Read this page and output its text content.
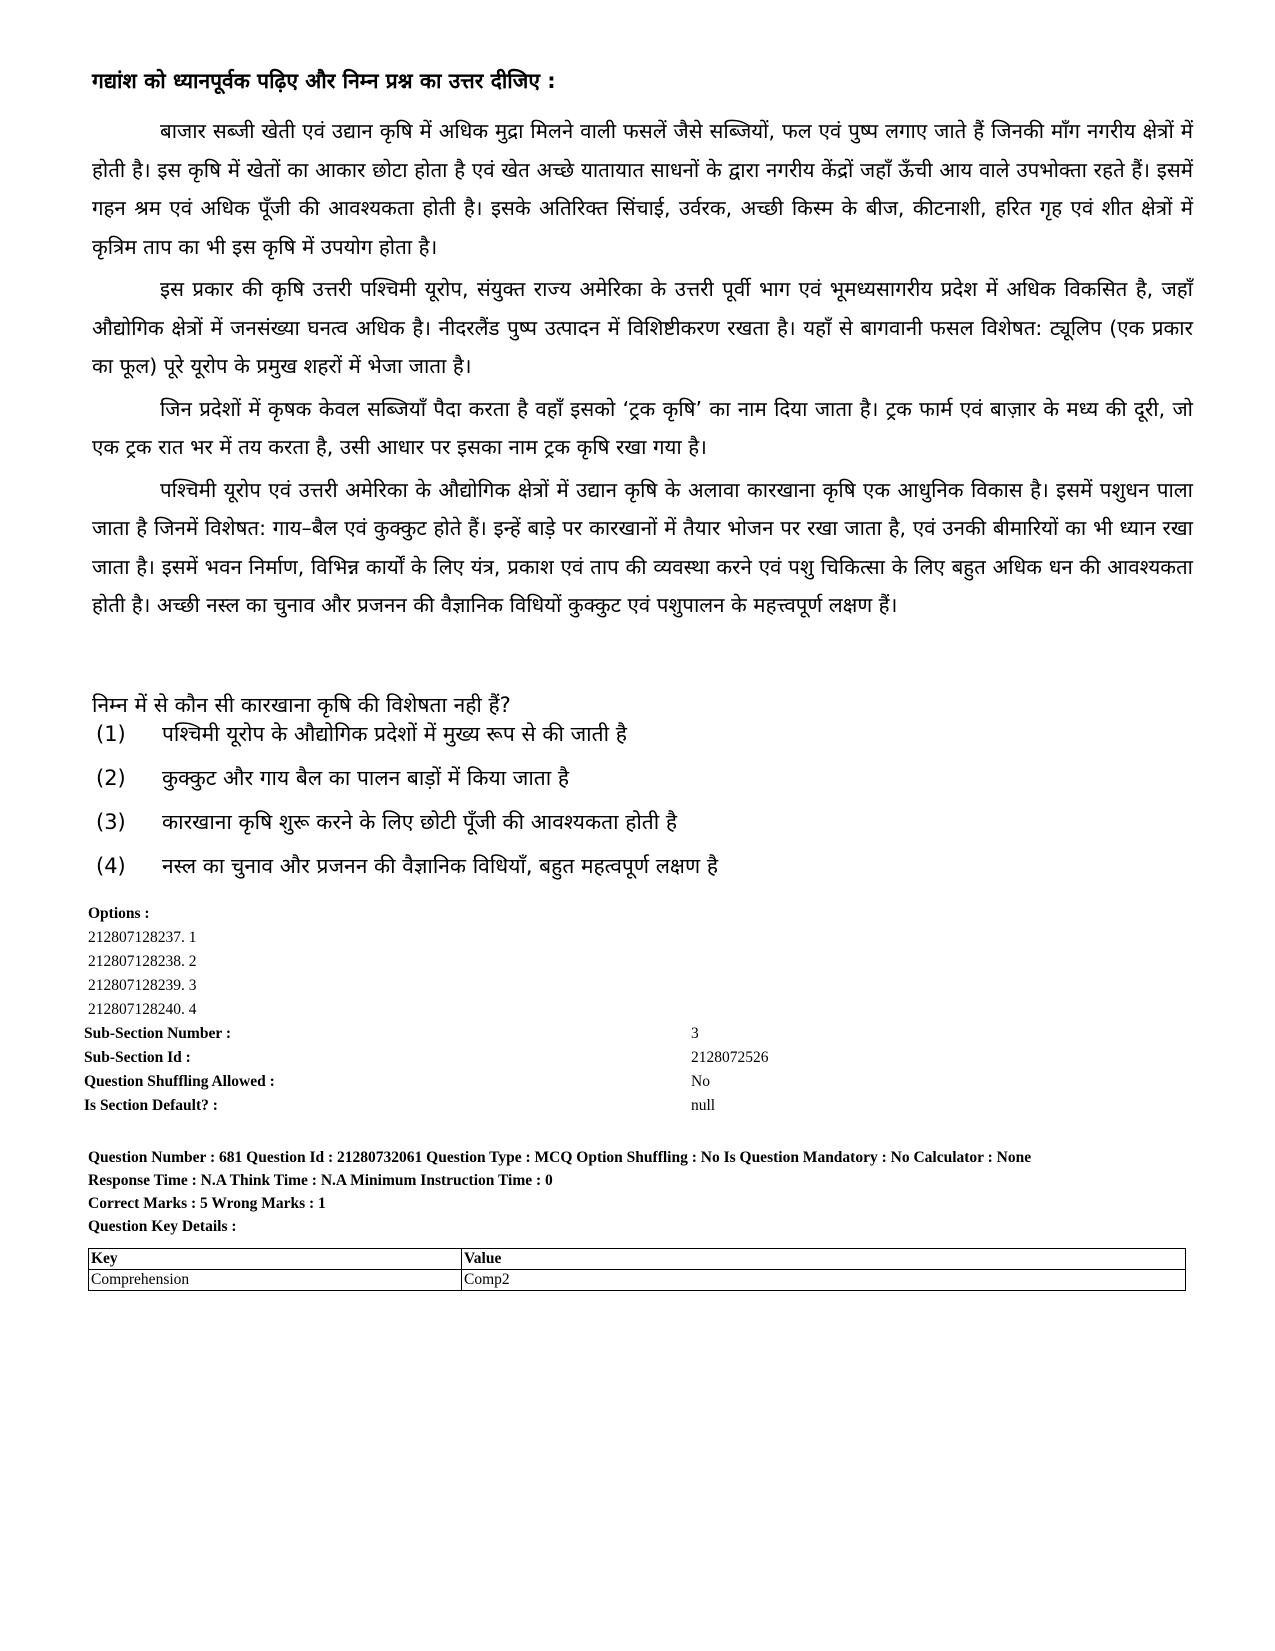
गद्यांश को ध्यानपूर्वक पढ़िए और निम्न प्रश्न का उत्तर दीजिए :

बाजार सब्जी खेती एवं उद्यान कृषि में अधिक मुद्रा मिलने वाली फसलें जैसे सब्जियों, फल एवं पुष्प लगाए जाते हैं जिनकी माँग नगरीय क्षेत्रों में होती है। इस कृषि में खेतों का आकार छोटा होता है एवं खेत अच्छे यातायात साधनों के द्वारा नगरीय केंद्रों जहाँ ऊँची आय वाले उपभोक्ता रहते हैं। इसमें गहन श्रम एवं अधिक पूँजी की आवश्यकता होती है। इसके अतिरिक्त सिंचाई, उर्वरक, अच्छी किस्म के बीज, कीटनाशी, हरित गृह एवं शीत क्षेत्रों में कृत्रिम ताप का भी इस कृषि में उपयोग होता है।

इस प्रकार की कृषि उत्तरी पश्चिमी यूरोप, संयुक्त राज्य अमेरिका के उत्तरी पूर्वी भाग एवं भूमध्यसागरीय प्रदेश में अधिक विकसित है, जहाँ औद्योगिक क्षेत्रों में जनसंख्या घनत्व अधिक है। नीदरलैंड पुष्प उत्पादन में विशिष्टीकरण रखता है। यहाँ से बागवानी फसल विशेषत: ट्यूलिप (एक प्रकार का फूल) पूरे यूरोप के प्रमुख शहरों में भेजा जाता है।

जिन प्रदेशों में कृषक केवल सब्जियाँ पैदा करता है वहाँ इसको ‘ट्रक कृषि’ का नाम दिया जाता है। ट्रक फार्म एवं बाज़ार के मध्य की दूरी, जो एक ट्रक रात भर में तय करता है, उसी आधार पर इसका नाम ट्रक कृषि रखा गया है।

पश्चिमी यूरोप एवं उत्तरी अमेरिका के औद्योगिक क्षेत्रों में उद्यान कृषि के अलावा कारखाना कृषि एक आधुनिक विकास है। इसमें पशुधन पाला जाता है जिनमें विशेषत: गाय–बैल एवं कुक्कुट होते हैं। इन्हें बाड़े पर कारखानों में तैयार भोजन पर रखा जाता है, एवं उनकी बीमारियों का भी ध्यान रखा जाता है। इसमें भवन निर्माण, विभिन्न कार्यों के लिए यंत्र, प्रकाश एवं ताप की व्यवस्था करने एवं पशु चिकित्सा के लिए बहुत अधिक धन की आवश्यकता होती है। अच्छी नस्ल का चुनाव और प्रजनन की वैज्ञानिक विधियों कुक्कुट एवं पशुपालन के महत्त्वपूर्ण लक्षण हैं।

निम्न में से कौन सी कारखाना कृषि की विशेषता नही हैं?
(1) पश्चिमी यूरोप के औद्योगिक प्रदेशों में मुख्य रूप से की जाती है
(2) कुक्कुट और गाय बैल का पालन बाड़ों में किया जाता है
(3) कारखाना कृषि शुरू करने के लिए छोटी पूँजी की आवश्यकता होती है
(4) नस्ल का चुनाव और प्रजनन की वैज्ञानिक विधियाँ, बहुत महत्वपूर्ण लक्षण है
Options :
212807128237. 1
212807128238. 2
212807128239. 3
212807128240. 4
Sub-Section Number :	3
Sub-Section Id :	2128072526
Question Shuffling Allowed :	No
Is Section Default? :	null
Question Number : 681 Question Id : 21280732061 Question Type : MCQ Option Shuffling : No Is Question Mandatory : No Calculator : None
Response Time : N.A Think Time : N.A Minimum Instruction Time : 0
Correct Marks : 5 Wrong Marks : 1
Question Key Details :
Key	Value
Comprehension	Comp2
